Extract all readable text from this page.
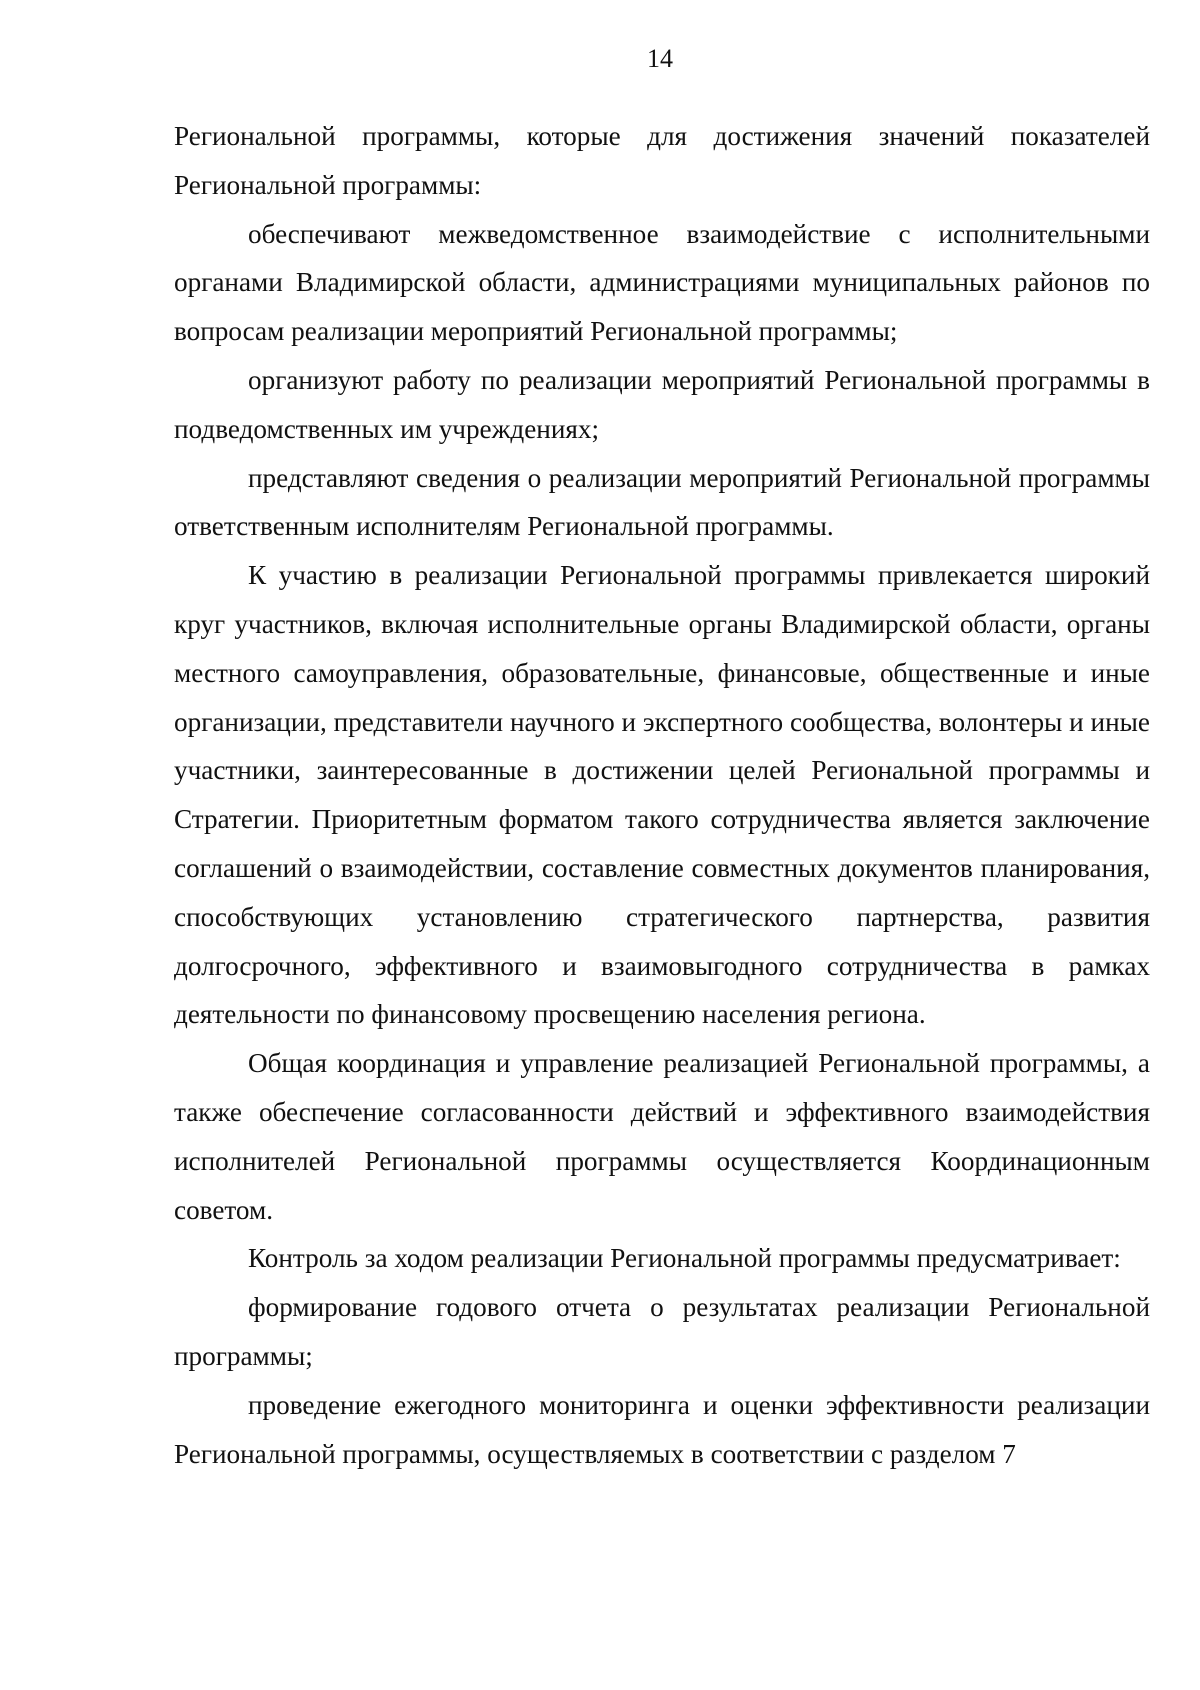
14

Региональной программы, которые для достижения значений показателей Региональной программы:

обеспечивают межведомственное взаимодействие с исполнительными органами Владимирской области, администрациями муниципальных районов по вопросам реализации мероприятий Региональной программы;

организуют работу по реализации мероприятий Региональной программы в подведомственных им учреждениях;

представляют сведения о реализации мероприятий Региональной программы ответственным исполнителям Региональной программы.

К участию в реализации Региональной программы привлекается широкий круг участников, включая исполнительные органы Владимирской области, органы местного самоуправления, образовательные, финансовые, общественные и иные организации, представители научного и экспертного сообщества, волонтеры и иные участники, заинтересованные в достижении целей Региональной программы и Стратегии. Приоритетным форматом такого сотрудничества является заключение соглашений о взаимодействии, составление совместных документов планирования, способствующих установлению стратегического партнерства, развития долгосрочного, эффективного и взаимовыгодного сотрудничества в рамках деятельности по финансовому просвещению населения региона.

Общая координация и управление реализацией Региональной программы, а также обеспечение согласованности действий и эффективного взаимодействия исполнителей Региональной программы осуществляется Координационным советом.

Контроль за ходом реализации Региональной программы предусматривает:

формирование годового отчета о результатах реализации Региональной программы;

проведение ежегодного мониторинга и оценки эффективности реализации Региональной программы, осуществляемых в соответствии с разделом 7
